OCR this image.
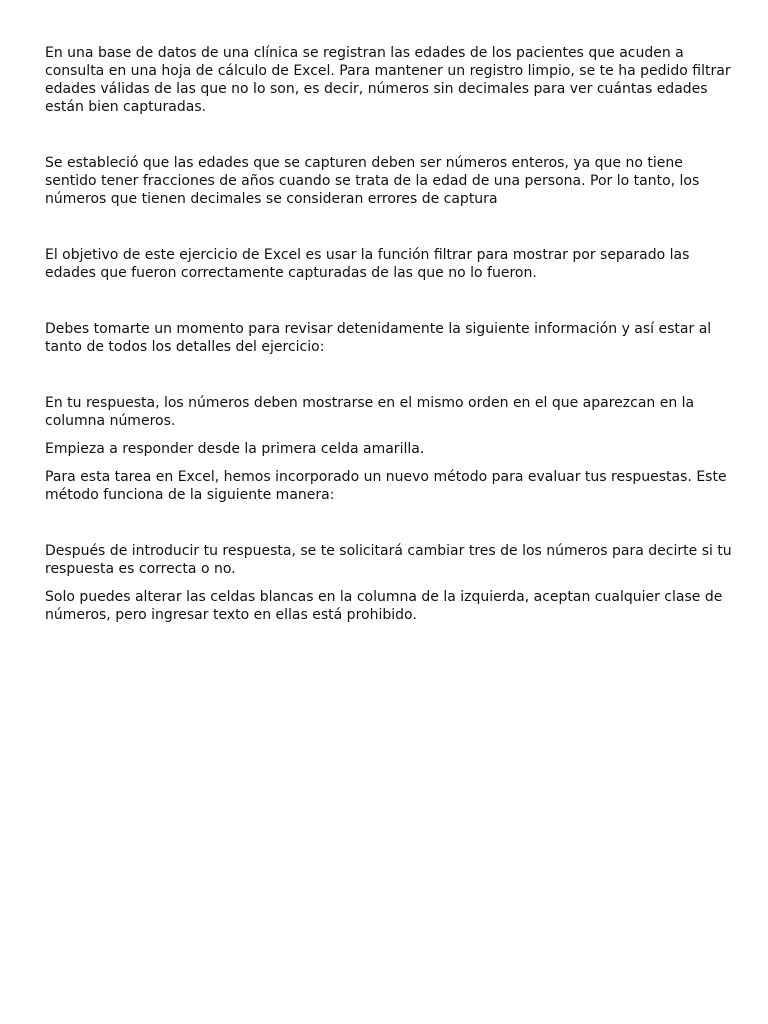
En una base de datos de una clínica se registran las edades de los pacientes que acuden a consulta en una hoja de cálculo de Excel. Para mantener un registro limpio, se te ha pedido filtrar edades válidas de las que no lo son, es decir, números sin decimales para ver cuántas edades están bien capturadas.

Se estableció que las edades que se capturen deben ser números enteros, ya que no tiene sentido tener fracciones de años cuando se trata de la edad de una persona. Por lo tanto, los números que tienen decimales se consideran errores de captura

El objetivo de este ejercicio de Excel es usar la función filtrar para mostrar por separado las edades que fueron correctamente capturadas de las que no lo fueron.

Debes tomarte un momento para revisar detenidamente la siguiente información y así estar al tanto de todos los detalles del ejercicio:

En tu respuesta, los números deben mostrarse en el mismo orden en el que aparezcan en la columna números.

Empieza a responder desde la primera celda amarilla.

Para esta tarea en Excel, hemos incorporado un nuevo método para evaluar tus respuestas. Este método funciona de la siguiente manera:

Después de introducir tu respuesta, se te solicitará cambiar tres de los números para decirte si tu respuesta es correcta o no.

Solo puedes alterar las celdas blancas en la columna de la izquierda, aceptan cualquier clase de números, pero ingresar texto en ellas está prohibido.
